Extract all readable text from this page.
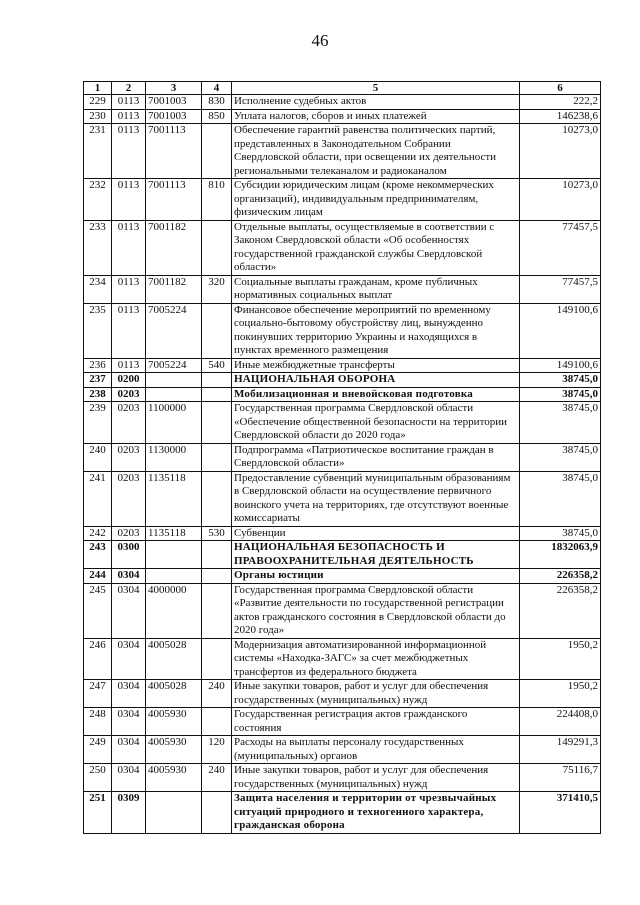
46
1	2	3	4	5	6
229	0113	7001003	830	Исполнение судебных актов	222,2
230	0113	7001003	850	Уплата налогов, сборов и иных платежей	146238,6
231	0113	7001113		Обеспечение гарантий равенства политических партий, представленных в Законодательном Собрании Свердловской области, при освещении их деятельности региональными телеканалом и радиоканалом	10273,0
232	0113	7001113	810	Субсидии юридическим лицам (кроме некоммерческих организаций), индивидуальным предпринимателям, физическим лицам	10273,0
233	0113	7001182		Отдельные выплаты, осуществляемые в соответствии с Законом Свердловской области «Об особенностях государственной гражданской службы Свердловской области»	77457,5
234	0113	7001182	320	Социальные выплаты гражданам, кроме публичных нормативных социальных выплат	77457,5
235	0113	7005224		Финансовое обеспечение мероприятий по временному социально-бытовому обустройству лиц, вынужденно покинувших территорию Украины и находящихся в пунктах временного размещения	149100,6
236	0113	7005224	540	Иные межбюджетные трансферты	149100,6
237	0200			НАЦИОНАЛЬНАЯ ОБОРОНА	38745,0
238	0203			Мобилизационная и вневойсковая подготовка	38745,0
239	0203	1100000		Государственная программа Свердловской области «Обеспечение общественной безопасности на территории Свердловской области до 2020 года»	38745,0
240	0203	1130000		Подпрограмма «Патриотическое воспитание граждан в Свердловской области»	38745,0
241	0203	1135118		Предоставление субвенций муниципальным образованиям в Свердловской области на осуществление первичного воинского учета на территориях, где отсутствуют военные комиссариаты	38745,0
242	0203	1135118	530	Субвенции	38745,0
243	0300			НАЦИОНАЛЬНАЯ БЕЗОПАСНОСТЬ И ПРАВООХРАНИТЕЛЬНАЯ ДЕЯТЕЛЬНОСТЬ	1832063,9
244	0304			Органы юстиции	226358,2
245	0304	4000000		Государственная программа Свердловской области «Развитие деятельности по государственной регистрации актов гражданского состояния в Свердловской области до 2020 года»	226358,2
246	0304	4005028		Модернизация автоматизированной информационной системы «Находка-ЗАГС» за счет межбюджетных трансфертов из федерального бюджета	1950,2
247	0304	4005028	240	Иные закупки товаров, работ и услуг для обеспечения государственных (муниципальных) нужд	1950,2
248	0304	4005930		Государственная регистрация актов гражданского состояния	224408,0
249	0304	4005930	120	Расходы на выплаты персоналу государственных (муниципальных) органов	149291,3
250	0304	4005930	240	Иные закупки товаров, работ и услуг для обеспечения государственных (муниципальных) нужд	75116,7
251	0309			Защита населения и территории от чрезвычайных ситуаций природного и техногенного характера, гражданская оборона	371410,5
